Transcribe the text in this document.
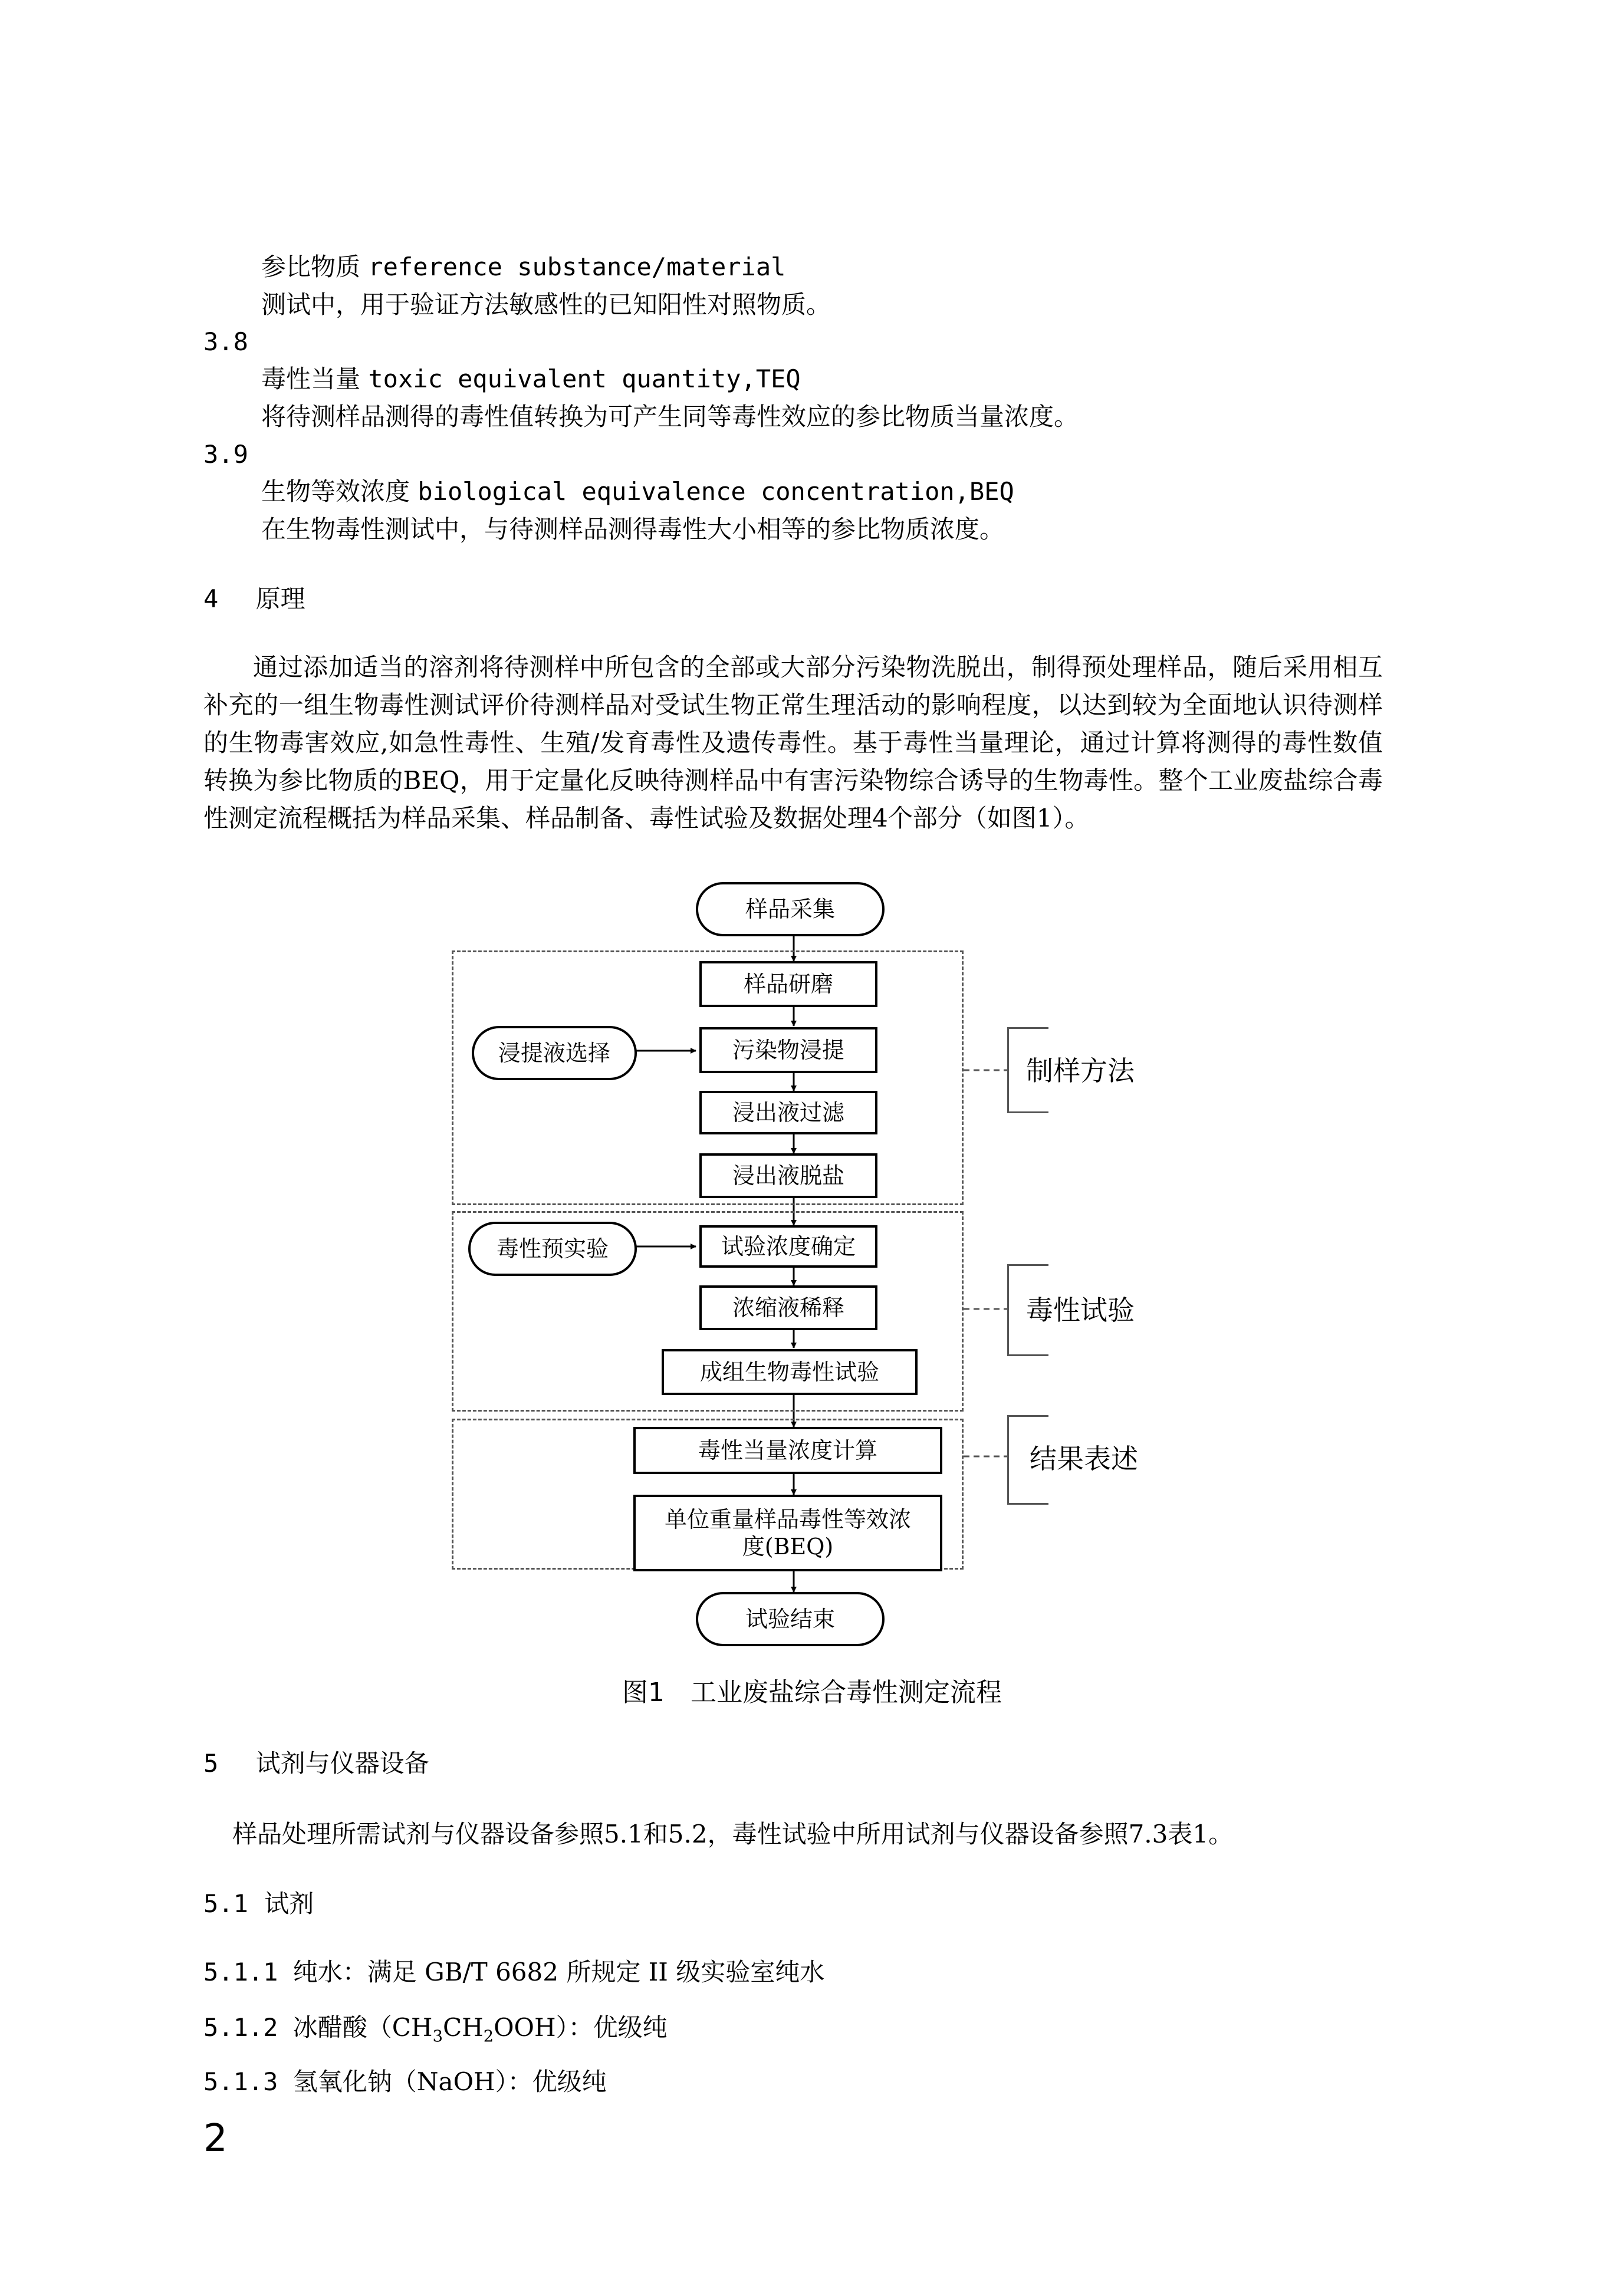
参比物质 reference substance/material
测试中，用于验证方法敏感性的已知阳性对照物质。
3.8
毒性当量 toxic equivalent quantity,TEQ
将待测样品测得的毒性值转换为可产生同等毒性效应的参比物质当量浓度。
3.9
生物等效浓度 biological equivalence concentration,BEQ
在生物毒性测试中，与待测样品测得毒性大小相等的参比物质浓度。
4 原理
通过添加适当的溶剂将待测样中所包含的全部或大部分污染物洗脱出，制得预处理样品，随后采用相互补充的一组生物毒性测试评价待测样品对受试生物正常生理活动的影响程度，以达到较为全面地认识待测样的生物毒害效应,如急性毒性、生殖/发育毒性及遗传毒性。基于毒性当量理论，通过计算将测得的毒性数值转换为参比物质的BEQ，用于定量化反映待测样品中有害污染物综合诱导的生物毒性。整个工业废盐综合毒性测定流程概括为样品采集、样品制备、毒性试验及数据处理4个部分（如图1）。
样品采集
样品研磨
浸提液选择	污染物浸提
浸出液过滤
浸出液脱盐
毒性预实验	试验浓度确定
浓缩液稀释
成组生物毒性试验
毒性当量浓度计算
单位重量样品毒性等效浓度(BEQ)
试验结束
制样方法
毒性试验
结果表述
图1　工业废盐综合毒性测定流程
5 试剂与仪器设备
样品处理所需试剂与仪器设备参照5.1和5.2，毒性试验中所用试剂与仪器设备参照7.3表1。
5.1 试剂
5.1.1 纯水：满足 GB/T 6682 所规定 II 级实验室纯水
5.1.2 冰醋酸$(CH_3CH_2OOH)$：优级纯
5.1.3 氢氧化钠（NaOH）：优级纯
2
